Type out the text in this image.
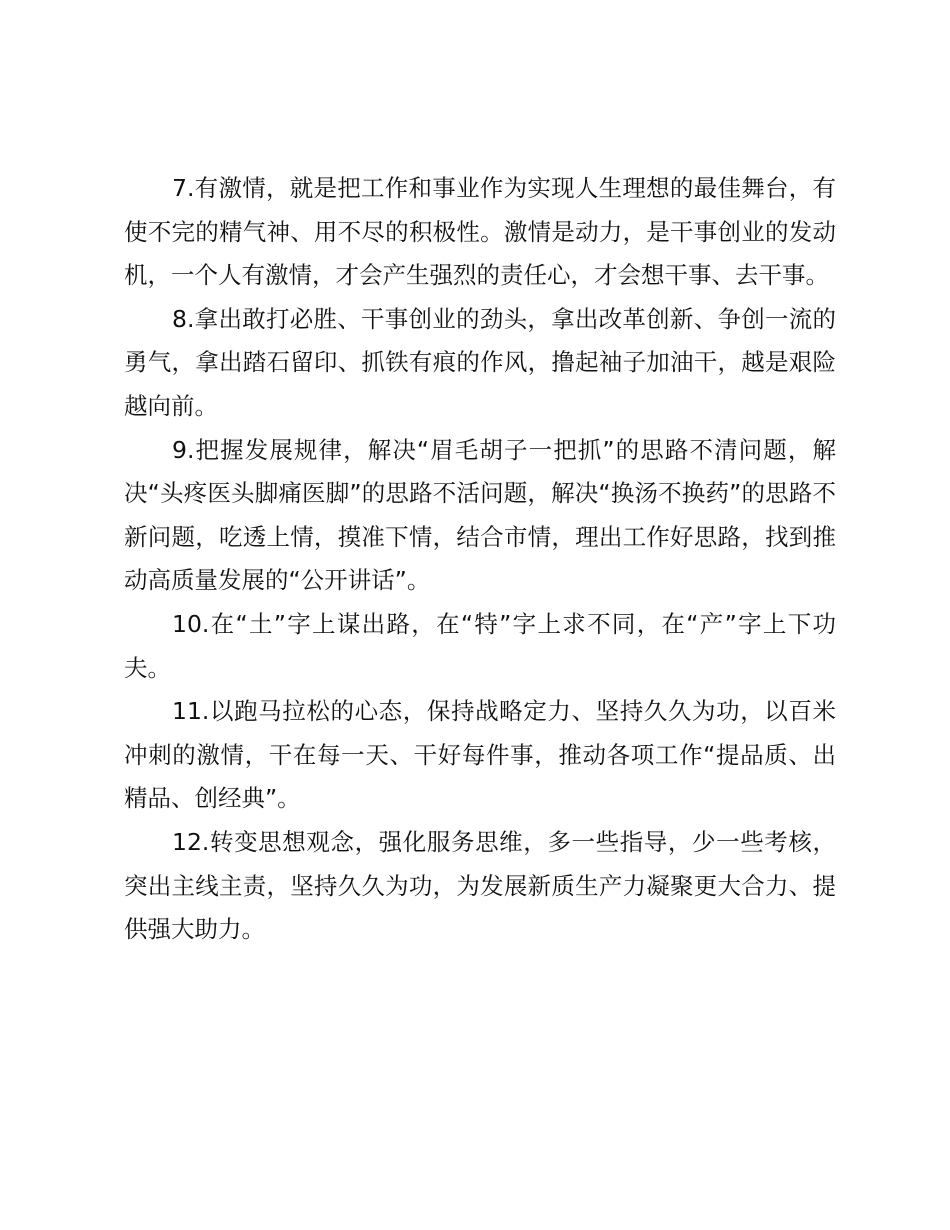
7.有激情，就是把工作和事业作为实现人生理想的最佳舞台，有使不完的精气神、用不尽的积极性。激情是动力，是干事创业的发动机，一个人有激情，才会产生强烈的责任心，才会想干事、去干事。

8.拿出敢打必胜、干事创业的劲头，拿出改革创新、争创一流的勇气，拿出踏石留印、抓铁有痕的作风，撸起袖子加油干，越是艰险越向前。

9.把握发展规律，解决“眉毛胡子一把抓”的思路不清问题，解决“头疼医头脚痛医脚”的思路不活问题，解决“换汤不换药”的思路不新问题，吃透上情，摸准下情，结合市情，理出工作好思路，找到推动高质量发展的“公开讲话”。

10.在“土”字上谋出路，在“特”字上求不同，在“产”字上下功夫。

11.以跑马拉松的心态，保持战略定力、坚持久久为功，以百米冲刺的激情，干在每一天、干好每件事，推动各项工作“提品质、出精品、创经典”。

12.转变思想观念，强化服务思维，多一些指导，少一些考核，突出主线主责，坚持久久为功，为发展新质生产力凝聚更大合力、提供强大助力。
